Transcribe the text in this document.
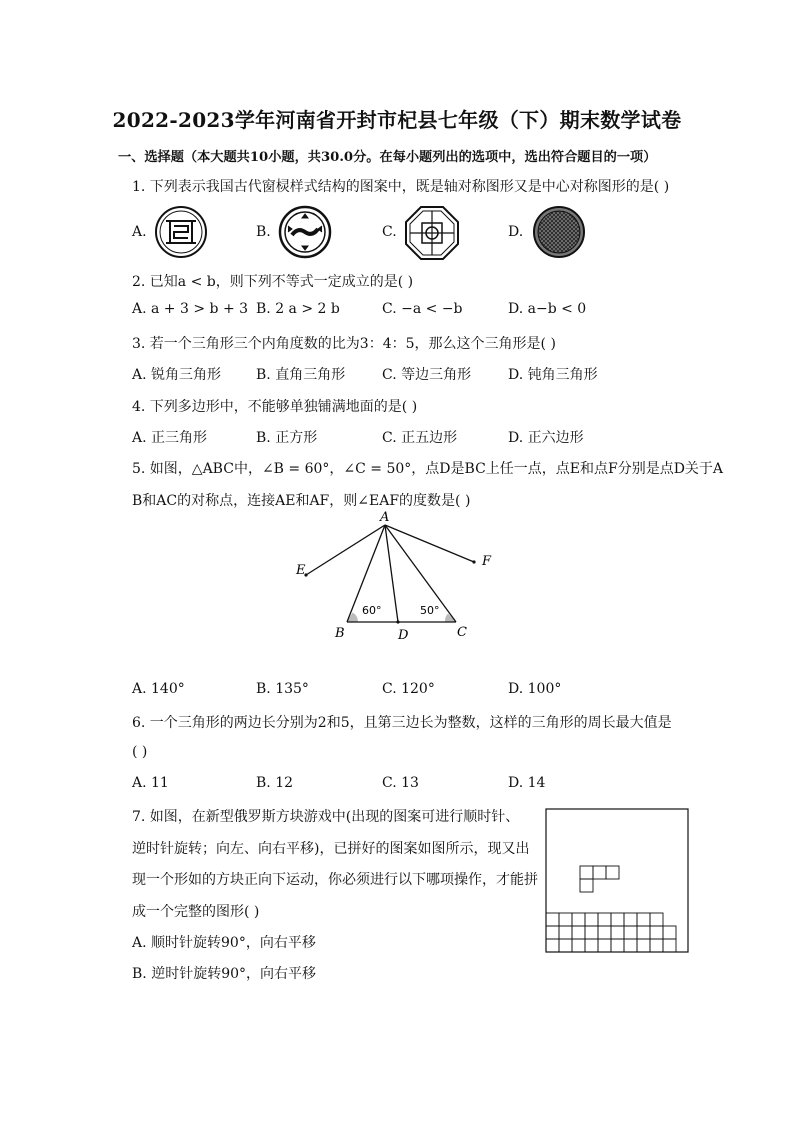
2022-2023学年河南省开封市杞县七年级（下）期末数学试卷
一、选择题（本大题共10小题，共30.0分。在每小题列出的选项中，选出符合题目的一项）
1. 下列表示我国古代窗棂样式结构的图案中，既是轴对称图形又是中心对称图形的是( )
A.	B.	C.	D.
2. 已知a < b，则下列不等式一定成立的是( )
A. a + 3 > b + 3 B. 2 a > 2 b	C. −a < −b	D. a−b < 0
3. 若一个三角形三个内角度数的比为3：4：5，那么这个三角形是( )
A. 锐角三角形 B. 直角三角形	C. 等边三角形	D. 钝角三角形
4. 下列多边形中，不能够单独铺满地面的是( )
A. 正三角形	B. 正方形	C. 正五边形	D. 正六边形
5. 如图，△ABC中，∠B = 60°，∠C = 50°，点D是BC上任一点，点E和点F分别是点D关于A
B和AC的对称点，连接AE和AF，则∠EAF的度数是( )
A
B	C
D
E
F
60°	50°
A. 140°	B. 135°	C. 120°	D. 100°
6. 一个三角形的两边长分别为2和5，且第三边长为整数，这样的三角形的周长最大值是
( )
A. 11	B. 12	C. 13	D. 14
7. 如图，在新型俄罗斯方块游戏中(出现的图案可进行顺时针、
逆时针旋转；向左、向右平移)，已拼好的图案如图所示，现又出
现一个形如的方块正向下运动，你必须进行以下哪项操作，才能拼
成一个完整的图形( )
A. 顺时针旋转90°，向右平移
B. 逆时针旋转90°，向右平移
